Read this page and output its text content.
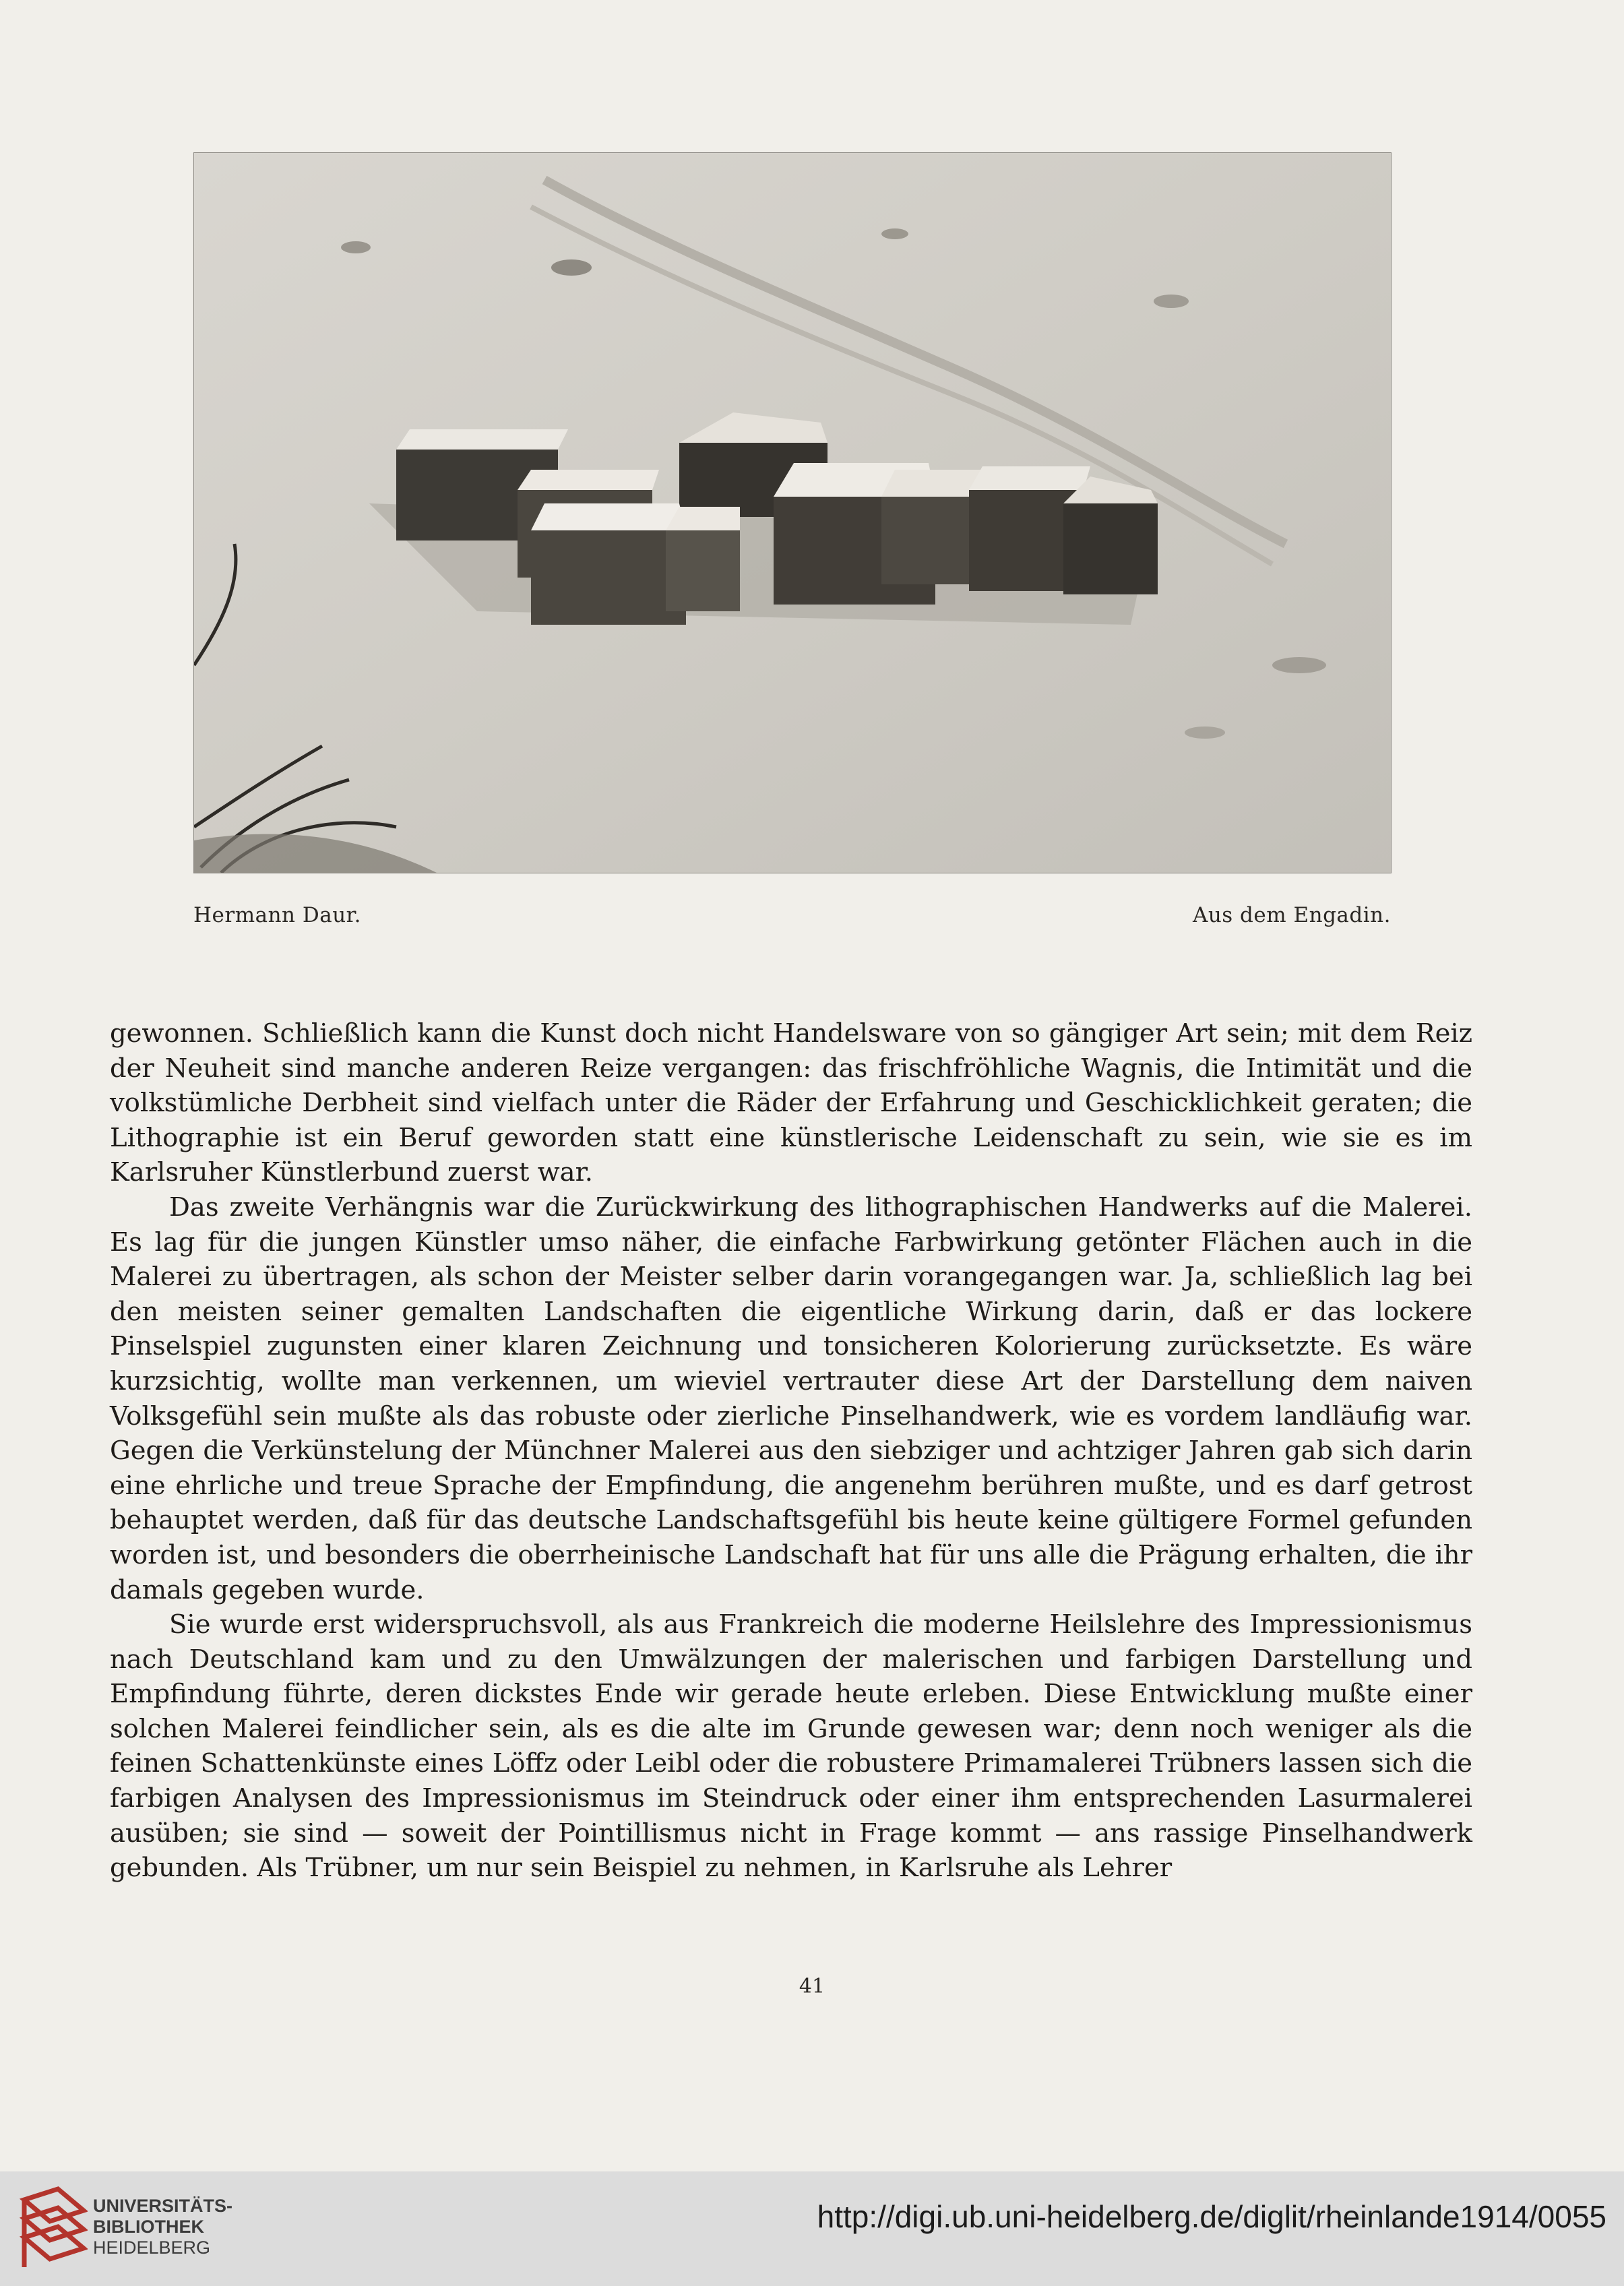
Hermann Daur.	Aus dem Engadin.

gewonnen. Schließlich kann die Kunst doch nicht Handelsware von so gängiger Art sein; mit dem Reiz der Neuheit sind manche anderen Reize vergangen: das frischfröhliche Wagnis, die Intimität und die volkstümliche Derbheit sind vielfach unter die Räder der Erfahrung und Geschicklichkeit geraten; die Lithographie ist ein Beruf geworden statt eine künstlerische Leidenschaft zu sein, wie sie es im Karlsruher Künstlerbund zuerst war.

Das zweite Verhängnis war die Zurückwirkung des lithographischen Handwerks auf die Malerei. Es lag für die jungen Künstler umso näher, die einfache Farbwirkung getönter Flächen auch in die Malerei zu übertragen, als schon der Meister selber darin vorangegangen war. Ja, schließlich lag bei den meisten seiner gemalten Landschaften die eigentliche Wirkung darin, daß er das lockere Pinselspiel zugunsten einer klaren Zeichnung und tonsicheren Kolorierung zurücksetzte. Es wäre kurzsichtig, wollte man verkennen, um wieviel vertrauter diese Art der Darstellung dem naiven Volksgefühl sein mußte als das robuste oder zierliche Pinselhandwerk, wie es vordem landläufig war. Gegen die Verkünstelung der Münchner Malerei aus den siebziger und achtziger Jahren gab sich darin eine ehrliche und treue Sprache der Empfindung, die angenehm berühren mußte, und es darf getrost behauptet werden, daß für das deutsche Landschaftsgefühl bis heute keine gültigere Formel gefunden worden ist, und besonders die oberrheinische Landschaft hat für uns alle die Prägung erhalten, die ihr damals gegeben wurde.

Sie wurde erst widerspruchsvoll, als aus Frankreich die moderne Heilslehre des Impressionismus nach Deutschland kam und zu den Umwälzungen der malerischen und farbigen Darstellung und Empfindung führte, deren dickstes Ende wir gerade heute erleben. Diese Entwicklung mußte einer solchen Malerei feindlicher sein, als es die alte im Grunde gewesen war; denn noch weniger als die feinen Schattenkünste eines Löffz oder Leibl oder die robustere Primamalerei Trübners lassen sich die farbigen Analysen des Impressionismus im Steindruck oder einer ihm entsprechenden Lasurmalerei ausüben; sie sind — soweit der Pointillismus nicht in Frage kommt — ans rassige Pinselhandwerk gebunden. Als Trübner, um nur sein Beispiel zu nehmen, in Karlsruhe als Lehrer

41
UNIVERSITÄTS-
BIBLIOTHEK
HEIDELBERG
http://digi.ub.uni-heidelberg.de/diglit/rheinlande1914/0055
